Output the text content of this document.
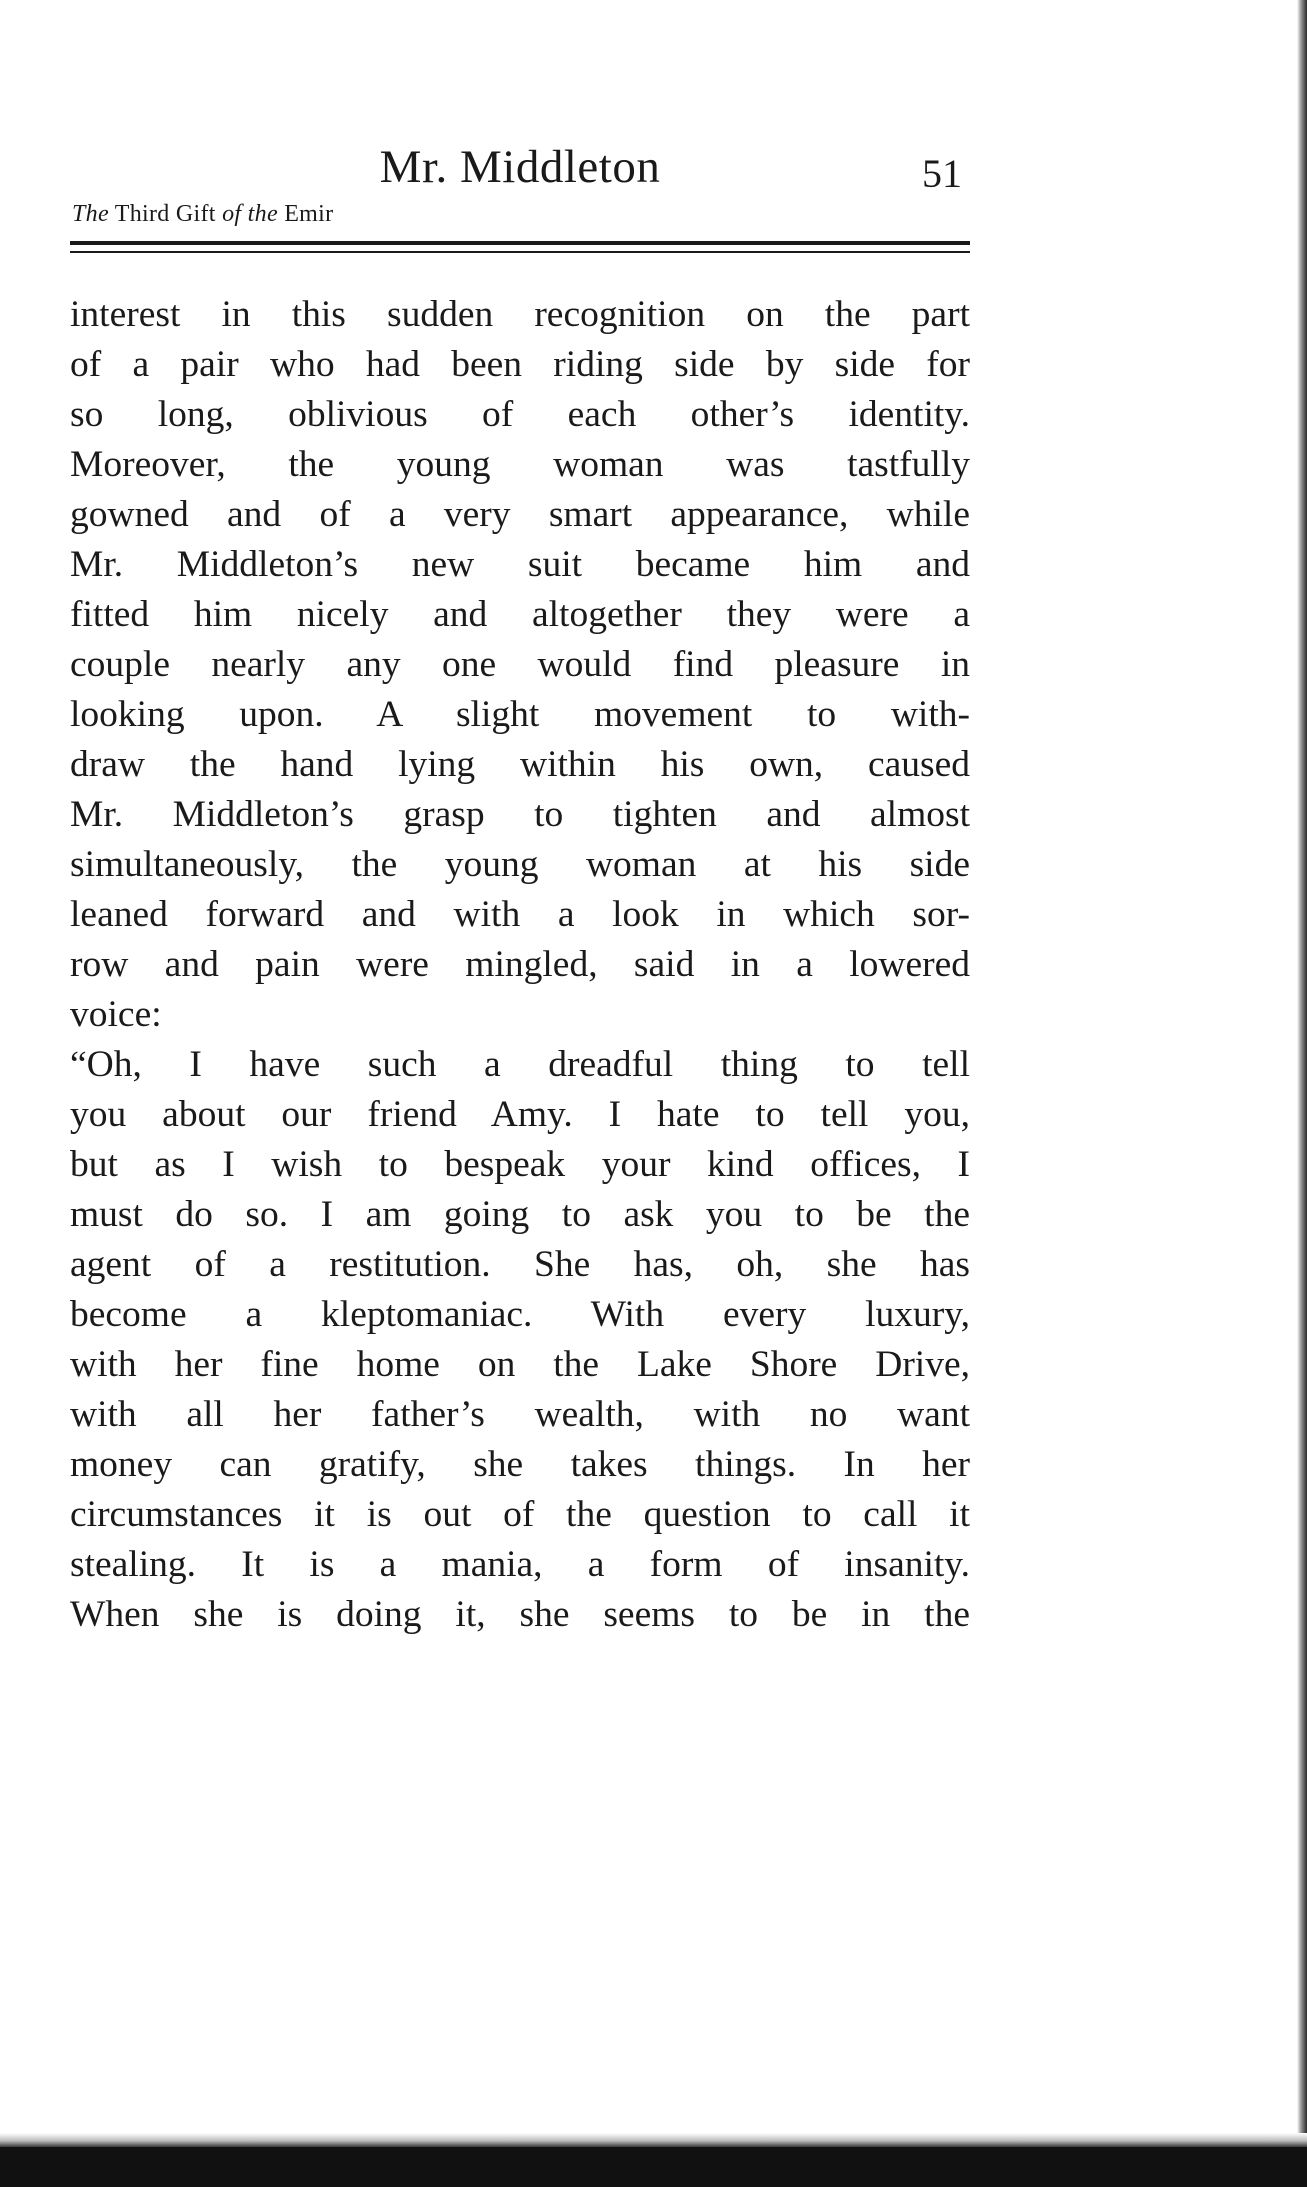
Mr. Middleton	51
The Third Gift of the Emir
interest in this sudden recognition on the part
of a pair who had been riding side by side for
so long, oblivious of each other’s identity.
Moreover, the young woman was tastfully
gowned and of a very smart appearance, while
Mr. Middleton’s new suit became him and
fitted him nicely and altogether they were a
couple nearly any one would find pleasure in
looking upon. A slight movement to with-
draw the hand lying within his own, caused
Mr. Middleton’s grasp to tighten and almost
simultaneously, the young woman at his side
leaned forward and with a look in which sor-
row and pain were mingled, said in a lowered
voice:
“Oh, I have such a dreadful thing to tell
you about our friend Amy. I hate to tell you,
but as I wish to bespeak your kind offices, I
must do so. I am going to ask you to be the
agent of a restitution. She has, oh, she has
become a kleptomaniac. With every luxury,
with her fine home on the Lake Shore Drive,
with all her father’s wealth, with no want
money can gratify, she takes things. In her
circumstances it is out of the question to call it
stealing. It is a mania, a form of insanity.
When she is doing it, she seems to be in the
